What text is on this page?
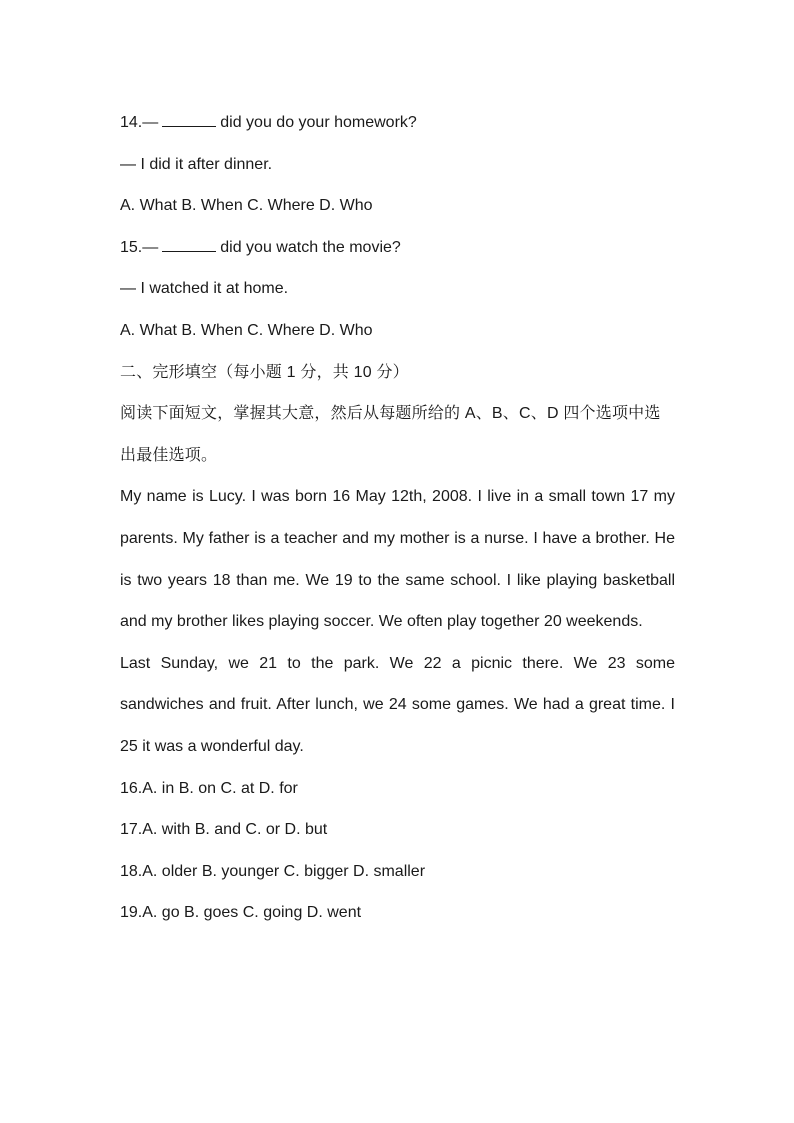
14.—	did you do your homework?
— I did it after dinner.
A. What B. When C. Where D. Who
15.—	did you watch the movie?
— I watched it at home.
A. What B. When C. Where D. Who
二、完形填空（每小题 1 分，共 10 分）
阅读下面短文，掌握其大意，然后从每题所给的 A、B、C、D 四个选项中选出最佳选项。
My name is Lucy. I was born 16 May 12th, 2008. I live in a small town 17 my parents. My father is a teacher and my mother is a nurse. I have a brother. He is two years 18 than me. We 19 to the same school. I like playing basketball and my brother likes playing soccer. We often play together 20 weekends.
Last Sunday, we 21 to the park. We 22 a picnic there. We 23 some sandwiches and fruit. After lunch, we 24 some games. We had a great time. I 25 it was a wonderful day.
16.A. in B. on C. at D. for
17.A. with B. and C. or D. but
18.A. older B. younger C. bigger D. smaller
19.A. go B. goes C. going D. went
